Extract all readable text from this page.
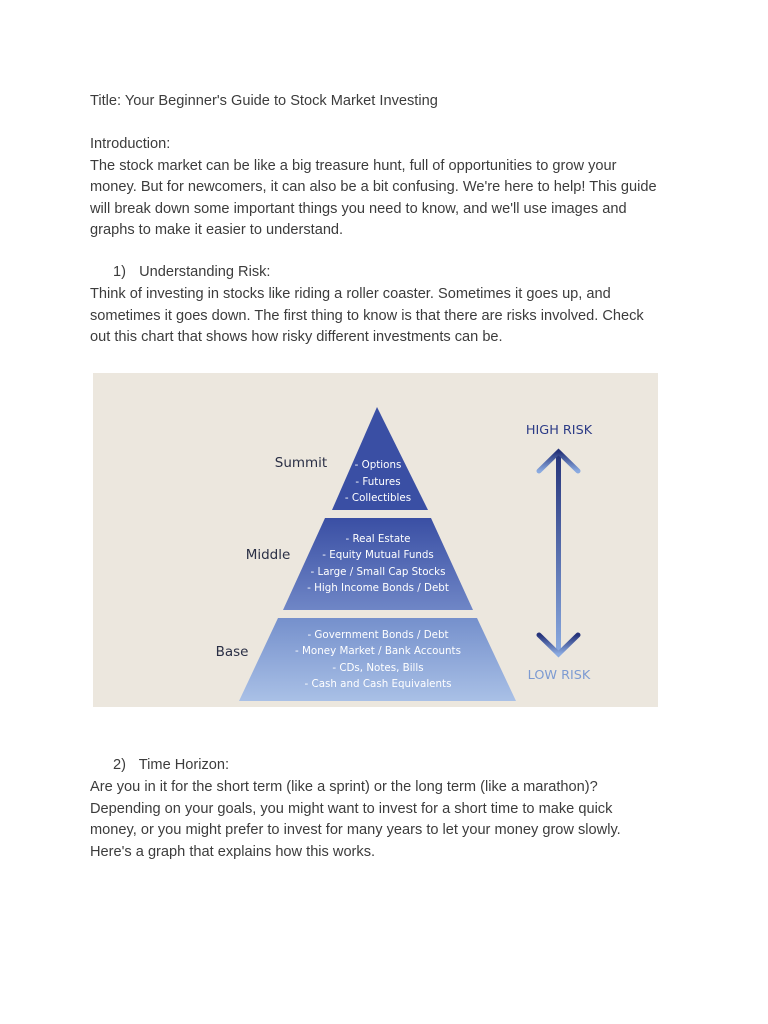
Title: Your Beginner's Guide to Stock Market Investing

Introduction:

The stock market can be like a big treasure hunt, full of opportunities to grow your

money. But for newcomers, it can also be a bit confusing. We're here to help! This guide

will break down some important things you need to know, and we'll use images and

graphs to make it easier to understand.

1) Understanding Risk:

Think of investing in stocks like riding a roller coaster. Sometimes it goes up, and

sometimes it goes down. The first thing to know is that there are risks involved. Check

out this chart that shows how risky different investments can be.

- Options
- Futures
- Collectibles
Summit
- Real Estate
- Equity Mutual Funds
- Large / Small Cap Stocks
- High Income Bonds / Debt
Middle
- Government Bonds / Debt
- Money Market / Bank Accounts
- CDs, Notes, Bills
- Cash and Cash Equivalents
Base
HIGH RISK
LOW RISK
2) Time Horizon:

Are you in it for the short term (like a sprint) or the long term (like a marathon)?

Depending on your goals, you might want to invest for a short time to make quick

money, or you might prefer to invest for many years to let your money grow slowly.

Here's a graph that explains how this works.
